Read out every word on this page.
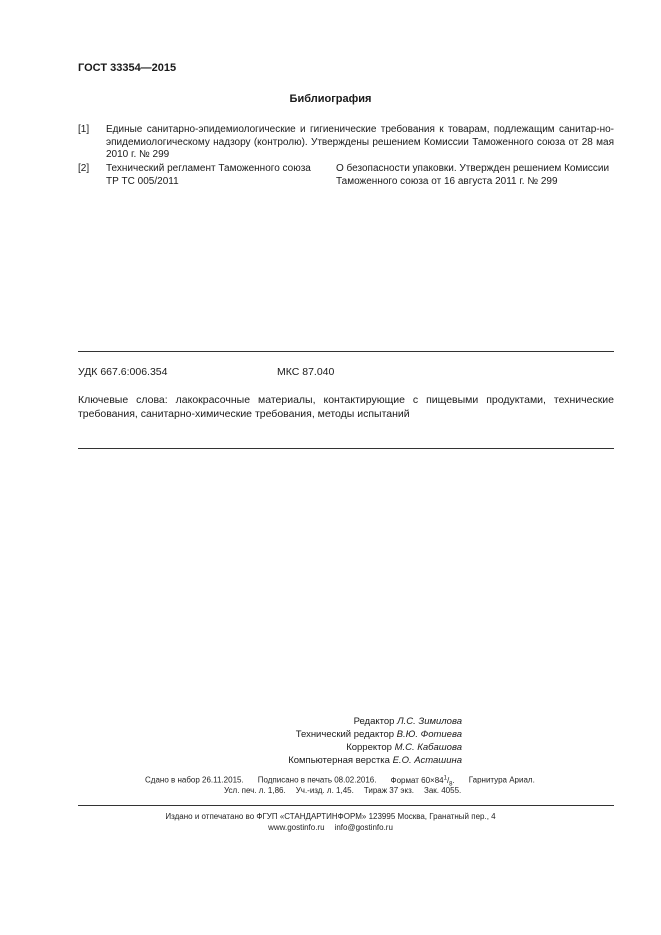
ГОСТ 33354—2015
Библиография
[1] Единые санитарно-эпидемиологические и гигиенические требования к товарам, подлежащим санитар-но-эпидемиологическому надзору (контролю). Утверждены решением Комиссии Таможенного союза от 28 мая 2010 г. № 299
[2] Технический регламент Таможенного союза ТР ТС 005/2011
О безопасности упаковки. Утвержден решением Комиссии Таможенного союза от 16 августа 2011 г. № 299
УДК 667.6:006.354	МКС 87.040
Ключевые слова: лакокрасочные материалы, контактирующие с пищевыми продуктами, технические требования, санитарно-химические требования, методы испытаний
Редактор Л.С. Зимилова
Технический редактор В.Ю. Фотиева
Корректор М.С. Кабашова
Компьютерная верстка Е.О. Асташина
Сдано в набор 26.11.2015. Подписано в печать 08.02.2016. Формат $60\times 84^1/_8$. Гарнитура Ариал.
Усл. печ. л. 1,86. Уч.-изд. л. 1,45. Тираж 37 экз. Зак. 4055.
Издано и отпечатано во ФГУП «СТАНДАРТИНФОРМ» 123995 Москва, Гранатный пер., 4
www.gostinfo.ru info@gostinfo.ru
